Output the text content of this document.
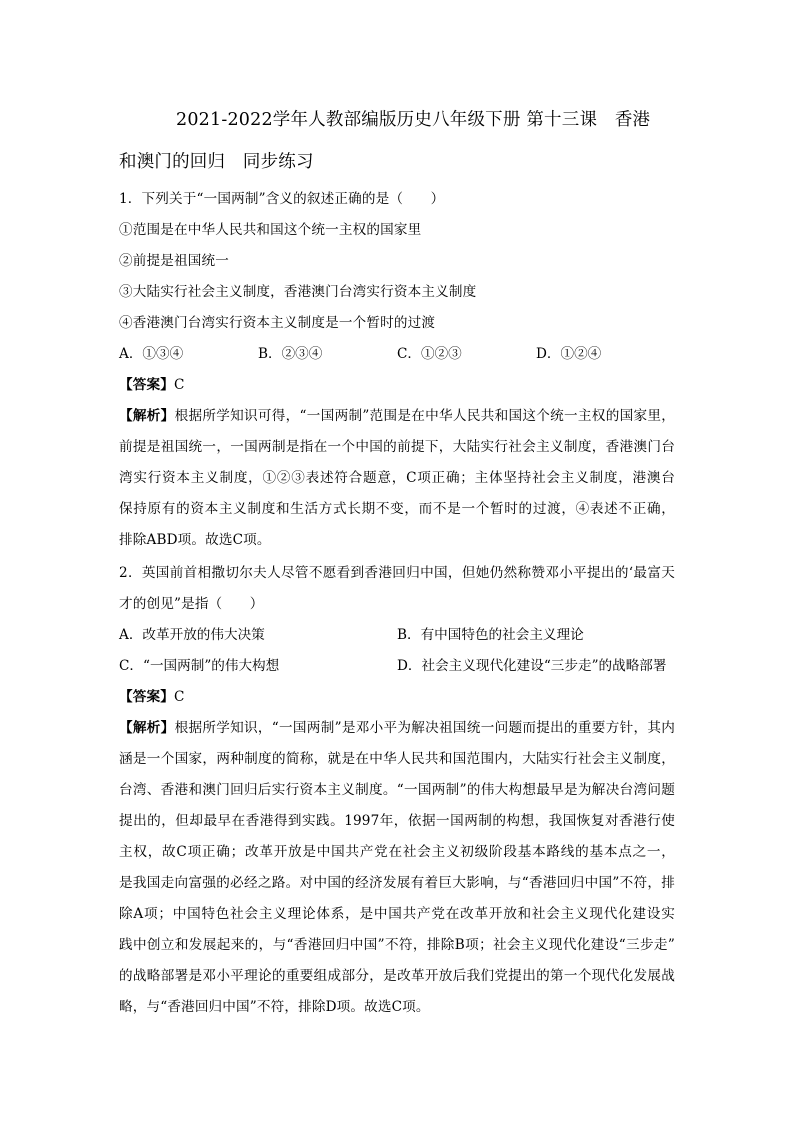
2021-2022学年人教部编版历史八年级下册 第十三课　香港
和澳门的回归　同步练习
1．下列关于“一国两制”含义的叙述正确的是（　　）
①范围是在中华人民共和国这个统一主权的国家里
②前提是祖国统一
③大陆实行社会主义制度，香港澳门台湾实行资本主义制度
④香港澳门台湾实行资本主义制度是一个暂时的过渡
A．①③④	B．②③④	C．①②③	D．①②④
【答案】C
【解析】根据所学知识可得，“一国两制”范围是在中华人民共和国这个统一主权的国家里，
前提是祖国统一，一国两制是指在一个中国的前提下，大陆实行社会主义制度，香港澳门台
湾实行资本主义制度，①②③表述符合题意，C项正确；主体坚持社会主义制度，港澳台
保持原有的资本主义制度和生活方式长期不变，而不是一个暂时的过渡，④表述不正确，
排除ABD项。故选C项。
2．英国前首相撒切尔夫人尽管不愿看到香港回归中国，但她仍然称赞邓小平提出的‘最富天
才的创见”是指（　　）
A．改革开放的伟大决策	B．有中国特色的社会主义理论
C．“一国两制”的伟大构想	D．社会主义现代化建设“三步走”的战略部署
【答案】C
【解析】根据所学知识，“一国两制”是邓小平为解决祖国统一问题而提出的重要方针，其内
涵是一个国家，两种制度的简称，就是在中华人民共和国范围内，大陆实行社会主义制度，
台湾、香港和澳门回归后实行资本主义制度。“一国两制”的伟大构想最早是为解决台湾问题
提出的，但却最早在香港得到实践。1997年，依据一国两制的构想，我国恢复对香港行使
主权，故C项正确；改革开放是中国共产党在社会主义初级阶段基本路线的基本点之一，
是我国走向富强的必经之路。对中国的经济发展有着巨大影响，与“香港回归中国”不符，排
除A项；中国特色社会主义理论体系，是中国共产党在改革开放和社会主义现代化建设实
践中创立和发展起来的，与“香港回归中国”不符，排除B项；社会主义现代化建设“三步走”
的战略部署是邓小平理论的重要组成部分，是改革开放后我们党提出的第一个现代化发展战
略，与“香港回归中国”不符，排除D项。故选C项。
